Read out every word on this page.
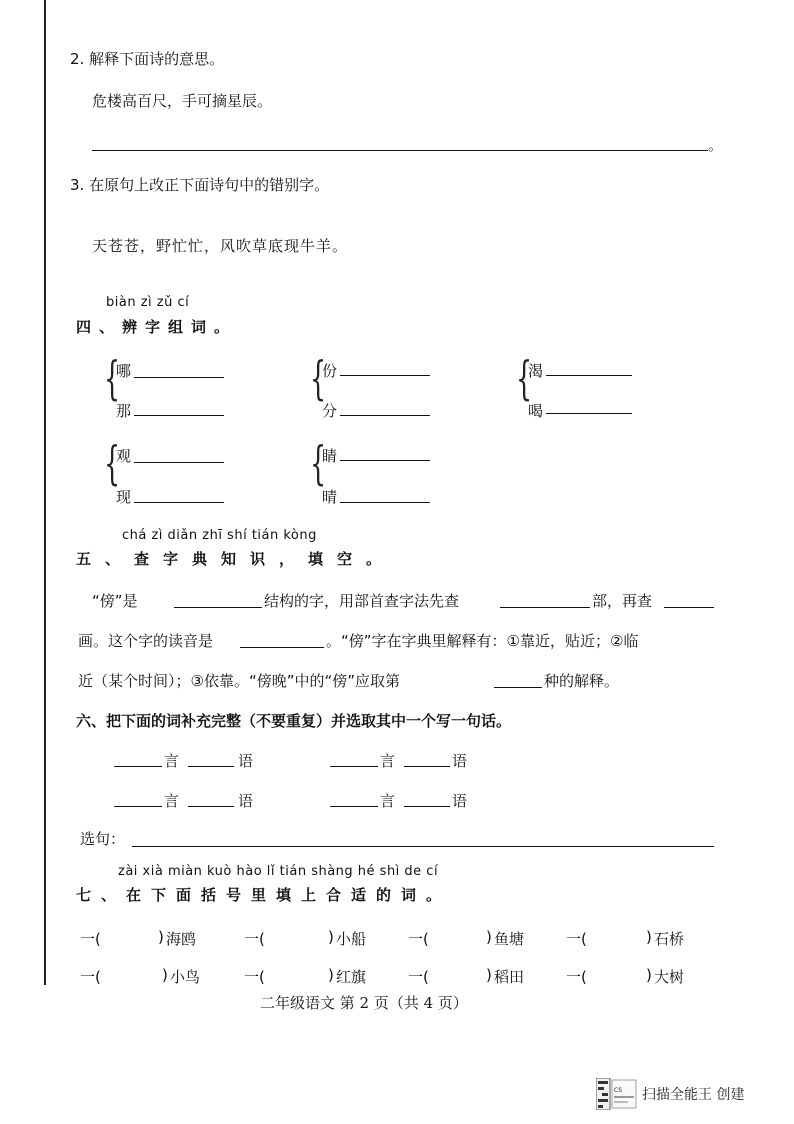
2. 解释下面诗的意思。
危楼高百尺，手可摘星辰。
。
3. 在原句上改正下面诗句中的错别字。
天苍苍，野忙忙，风吹草底现牛羊。
biàn zì zǔ cí
四、辨字组词。
{
哪
那
{
份
分
{
渴
喝
{
观
现
{
睛
晴
chá zì diǎn zhī shí tián kòng
五、查字典知识，填空。
“傍”是	结构的字，用部首查字法先查	部，再查
画。这个字的读音是	。“傍”字在字典里解释有：①靠近，贴近；②临
近（某个时间）；③依靠。“傍晚”中的“傍”应取第	种的解释。
六、把下面的词补充完整（不要重复）并选取其中一个写一句话。
言	语	言	语
言	语	言	语
选句：
zài xià miàn kuò hào lǐ tián shàng hé shì de cí
七、在下面括号里填上合适的词。
一(	) 海鸥	一(	) 小船	一(	) 鱼塘	一(	) 石桥
一(	) 小鸟	一(	) 红旗	一(	) 稻田	一(	) 大树
二年级语文 第 2 页（共 4 页）
CS 扫描全能王 创建
